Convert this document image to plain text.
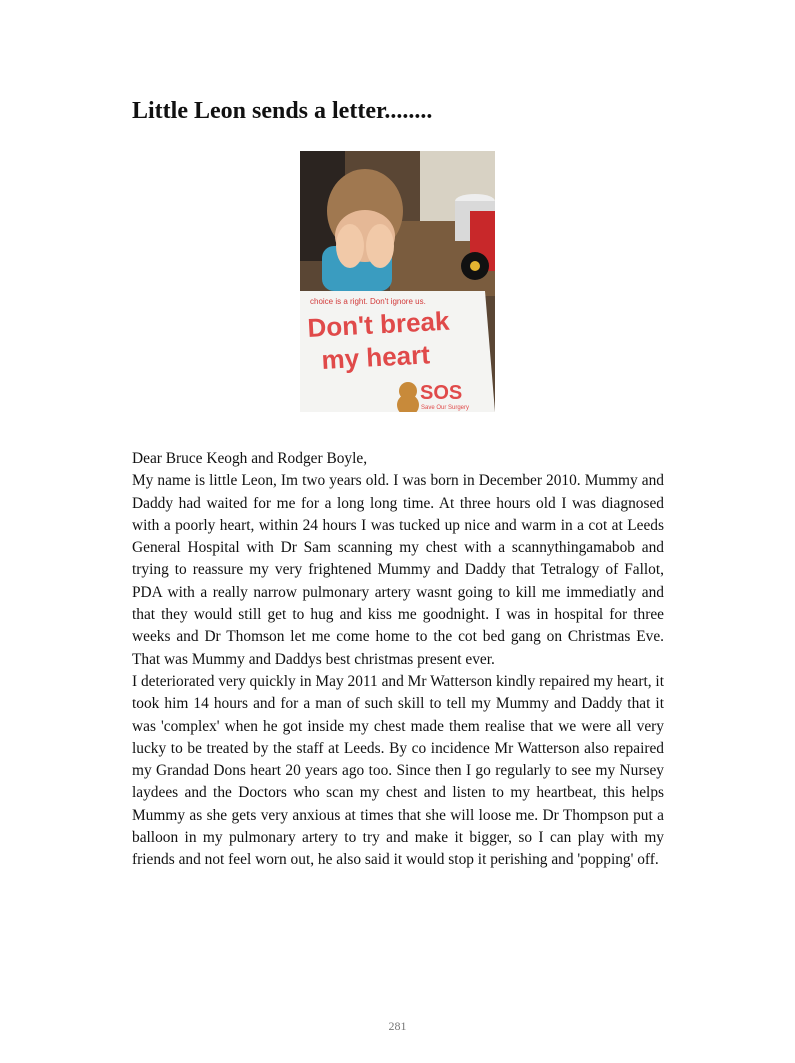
Little Leon sends a letter........
choice is a right. Don't ignore us.
Don't break
my heart
SOS
Save Our Surgery

Dear Bruce Keogh and Rodger Boyle,

My name is little Leon, Im two years old. I was born in December 2010. Mummy and Daddy had waited for me for a long long time. At three hours old I was diagnosed with a poorly heart, within 24 hours I was tucked up nice and warm in a cot at Leeds General Hospital with Dr Sam scanning my chest with a scannythingamabob and trying to reassure my very frightened Mummy and Daddy that Tetralogy of Fallot, PDA with a really narrow pulmonary artery wasnt going to kill me immediatly and that they would still get to hug and kiss me goodnight. I was in hospital for three weeks and Dr Thomson let me come home to the cot bed gang on Christmas Eve. That was Mummy and Daddys best christmas present ever.

I deteriorated very quickly in May 2011 and Mr Watterson kindly repaired my heart, it took him 14 hours and for a man of such skill to tell my Mummy and Daddy that it was 'complex' when he got inside my chest made them realise that we were all very lucky to be treated by the staff at Leeds. By co incidence Mr Watterson also repaired my Grandad Dons heart 20 years ago too. Since then I go regularly to see my Nursey laydees and the Doctors who scan my chest and listen to my heartbeat, this helps Mummy as she gets very anxious at times that she will loose me. Dr Thompson put a balloon in my pulmonary artery to try and make it bigger, so I can play with my friends and not feel worn out, he also said it would stop it perishing and 'popping' off.

281
